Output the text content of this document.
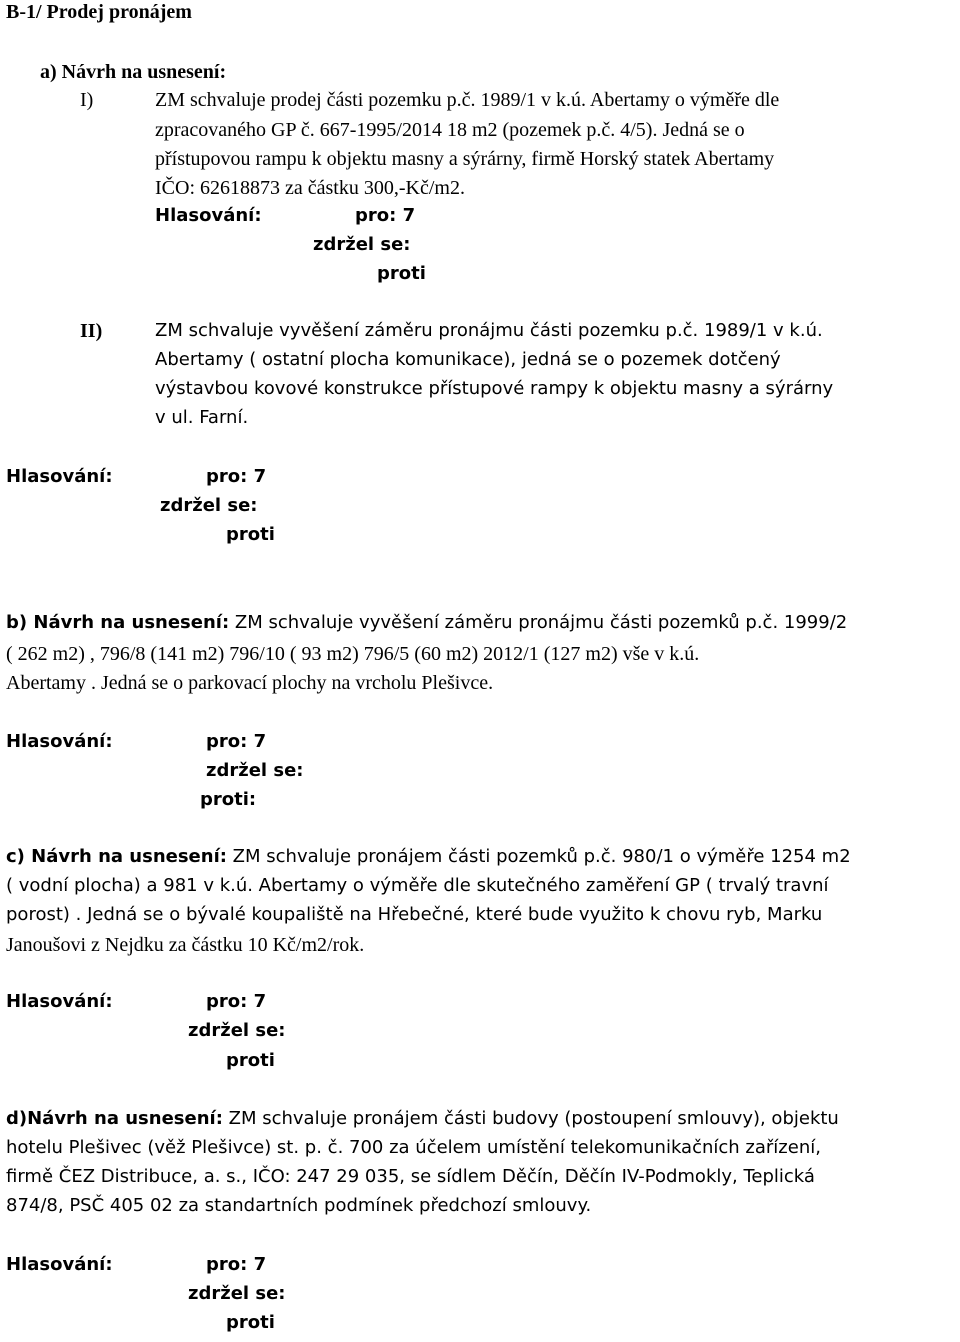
B-1/ Prodej pronájem
a) Návrh na usnesení:
I)	ZM schvaluje prodej části pozemku p.č. 1989/1 v k.ú. Abertamy o výměře dle
zpracovaného GP č. 667-1995/2014 18 m2 (pozemek p.č. 4/5). Jedná se o
přístupovou rampu k objektu masny a sýrárny, firmě Horský statek Abertamy
IČO: 62618873 za částku 300,-Kč/m2.
Hlasování:	pro: 7
zdržel se:
proti
II)	ZM schvaluje vyvěšení záměru pronájmu části pozemku p.č. 1989/1 v k.ú.
Abertamy ( ostatní plocha komunikace), jedná se o pozemek dotčený
výstavbou kovové konstrukce přístupové rampy k objektu masny a sýrárny
v ul. Farní.
Hlasování:	pro: 7
zdržel se:
proti
b) Návrh na usnesení: ZM schvaluje vyvěšení záměru pronájmu části pozemků p.č. 1999/2
( 262 m2) , 796/8 (141 m2) 796/10 ( 93 m2) 796/5 (60 m2) 2012/1 (127 m2) vše v k.ú.
Abertamy . Jedná se o parkovací plochy na vrcholu Plešivce.
Hlasování:	pro: 7
zdržel se:
proti:
c) Návrh na usnesení: ZM schvaluje pronájem části pozemků p.č. 980/1 o výměře 1254 m2
( vodní plocha) a 981 v k.ú. Abertamy o výměře dle skutečného zaměření GP ( trvalý travní
porost) . Jedná se o bývalé koupaliště na Hřebečné, které bude využito k chovu ryb, Marku
Janoušovi z Nejdku za částku 10 Kč/m2/rok.
Hlasování:	pro: 7
zdržel se:
proti
d)Návrh na usnesení: ZM schvaluje pronájem části budovy (postoupení smlouvy), objektu
hotelu Plešivec (věž Plešivce) st. p. č. 700 za účelem umístění telekomunikačních zařízení,
firmě ČEZ Distribuce, a. s., IČO: 247 29 035, se sídlem Děčín, Děčín IV-Podmokly, Teplická
874/8, PSČ 405 02 za standartních podmínek předchozí smlouvy.
Hlasování:	pro: 7
zdržel se:
proti
